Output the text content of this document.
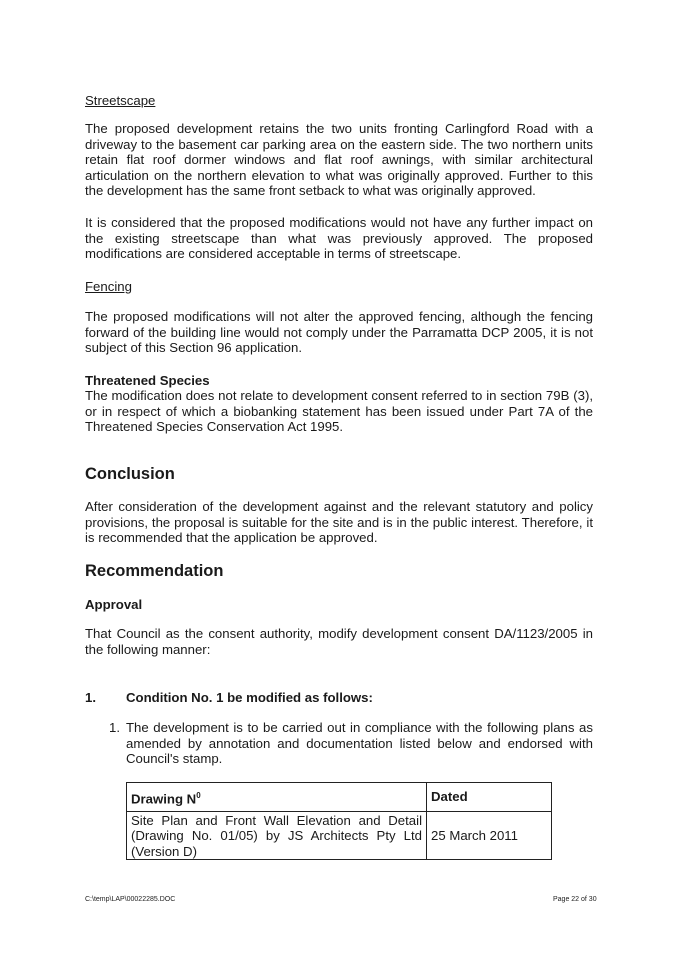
Streetscape
The proposed development retains the two units fronting Carlingford Road with a driveway to the basement car parking area on the eastern side. The two northern units retain flat roof dormer windows and flat roof awnings, with similar architectural articulation on the northern elevation to what was originally approved. Further to this the development has the same front setback to what was originally approved.
It is considered that the proposed modifications would not have any further impact on the existing streetscape than what was previously approved. The proposed modifications are considered acceptable in terms of streetscape.
Fencing
The proposed modifications will not alter the approved fencing, although the fencing forward of the building line would not comply under the Parramatta DCP 2005, it is not subject of this Section 96 application.
Threatened Species
The modification does not relate to development consent referred to in section 79B (3), or in respect of which a biobanking statement has been issued under Part 7A of the Threatened Species Conservation Act 1995.
Conclusion
After consideration of the development against and the relevant statutory and policy provisions, the proposal is suitable for the site and is in the public interest. Therefore, it is recommended that the application be approved.
Recommendation
Approval
That Council as the consent authority, modify development consent DA/1123/2005 in the following manner:
1. Condition No. 1 be modified as follows:
1. The development is to be carried out in compliance with the following plans as amended by annotation and documentation listed below and endorsed with Council's stamp.
Drawing $N^0$	Dated
Site Plan and Front Wall Elevation and Detail (Drawing No. 01/05) by JS Architects Pty Ltd (Version D)	25 March 2011
C:\temp\LAP\00022285.DOC	Page 22 of 30
